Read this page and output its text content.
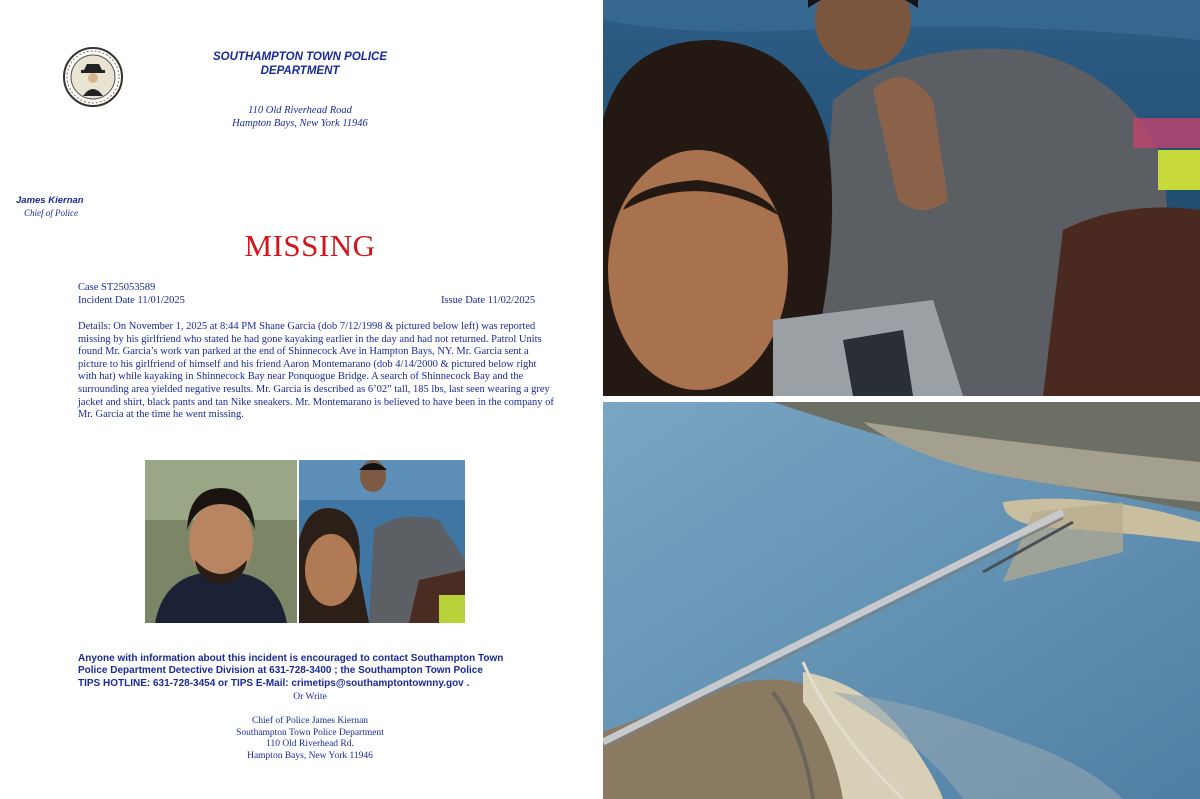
SOUTHAMPTON TOWN POLICE
DEPARTMENT
110 Old Riverhead Road
Hampton Bays, New York 11946
James Kiernan
Chief of Police
MISSING
Case ST25053589
Incident Date 11/01/2025	Issue Date 11/02/2025
Details: On November 1, 2025 at 8:44 PM Shane Garcia (dob 7/12/1998 & pictured below left) was reported missing by his girlfriend who stated he had gone kayaking earlier in the day and had not returned. Patrol Units found Mr. Garcia’s work van parked at the end of Shinnecock Ave in Hampton Bays, NY. Mr. Garcia sent a picture to his girlfriend of himself and his friend Aaron Montemarano (dob 4/14/2000 & pictured below right with hat) while kayaking in Shinnecock Bay near Ponquogue Bridge. A search of Shinnecock Bay and the surrounding area yielded negative results. Mr. Garcia is described as 6’02” tall, 185 lbs, last seen wearing a grey jacket and shirt, black pants and tan Nike sneakers. Mr. Montemarano is believed to have been in the company of Mr. Garcia at the time he went missing.
Anyone with information about this incident is encouraged to contact Southampton Town
Police Department Detective Division at 631-728-3400 ; the Southampton Town Police
TIPS HOTLINE: 631-728-3454 or TIPS E-Mail: crimetips@southamptontownny.gov .
Or Write
Chief of Police James Kiernan
Southampton Town Police Department
110 Old Riverhead Rd.
Hampton Bays, New York 11946
